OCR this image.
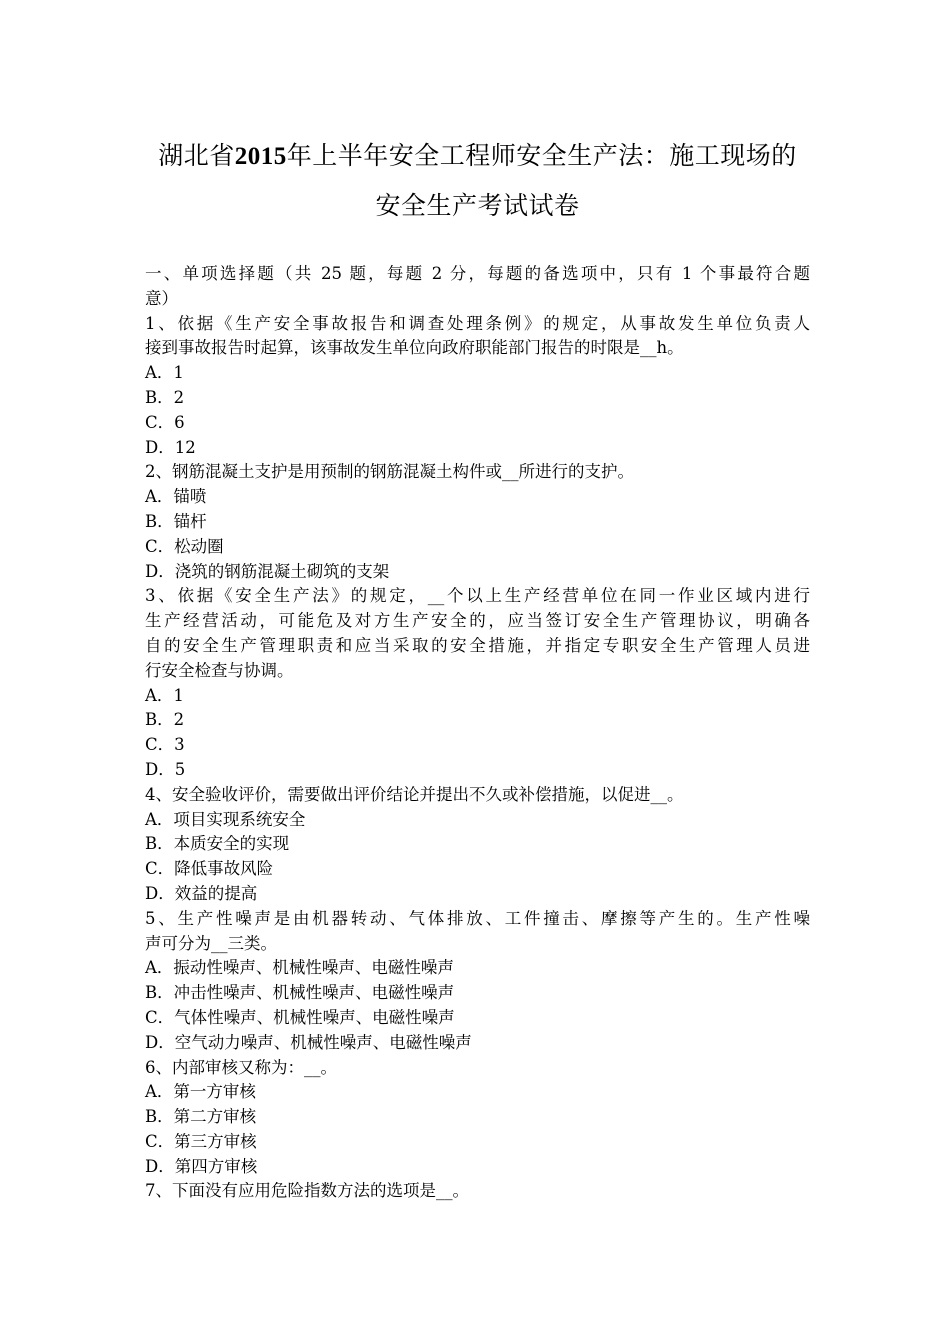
湖北省2015年上半年安全工程师安全生产法：施工现场的
安全生产考试试卷
一、单项选择题（共 25 题，每题 2 分，每题的备选项中，只有 1 个事最符合题
意）
1、依据《生产安全事故报告和调查处理条例》的规定，从事故发生单位负责人
接到事故报告时起算，该事故发生单位向政府职能部门报告的时限是__h。
A．1
B．2
C．6
D．12
2、钢筋混凝土支护是用预制的钢筋混凝土构件或__所进行的支护。
A．锚喷
B．锚杆
C．松动圈
D．浇筑的钢筋混凝土砌筑的支架
3、依据《安全生产法》的规定，__个以上生产经营单位在同一作业区域内进行
生产经营活动，可能危及对方生产安全的，应当签订安全生产管理协议，明确各
自的安全生产管理职责和应当采取的安全措施，并指定专职安全生产管理人员进
行安全检查与协调。
A．1
B．2
C．3
D．5
4、安全验收评价，需要做出评价结论并提出不久或补偿措施，以促进__。
A．项目实现系统安全
B．本质安全的实现
C．降低事故风险
D．效益的提高
5、生产性噪声是由机器转动、气体排放、工件撞击、摩擦等产生的。生产性噪
声可分为__三类。
A．振动性噪声、机械性噪声、电磁性噪声
B．冲击性噪声、机械性噪声、电磁性噪声
C．气体性噪声、机械性噪声、电磁性噪声
D．空气动力噪声、机械性噪声、电磁性噪声
6、内部审核又称为：__。
A．第一方审核
B．第二方审核
C．第三方审核
D．第四方审核
7、下面没有应用危险指数方法的选项是__。
